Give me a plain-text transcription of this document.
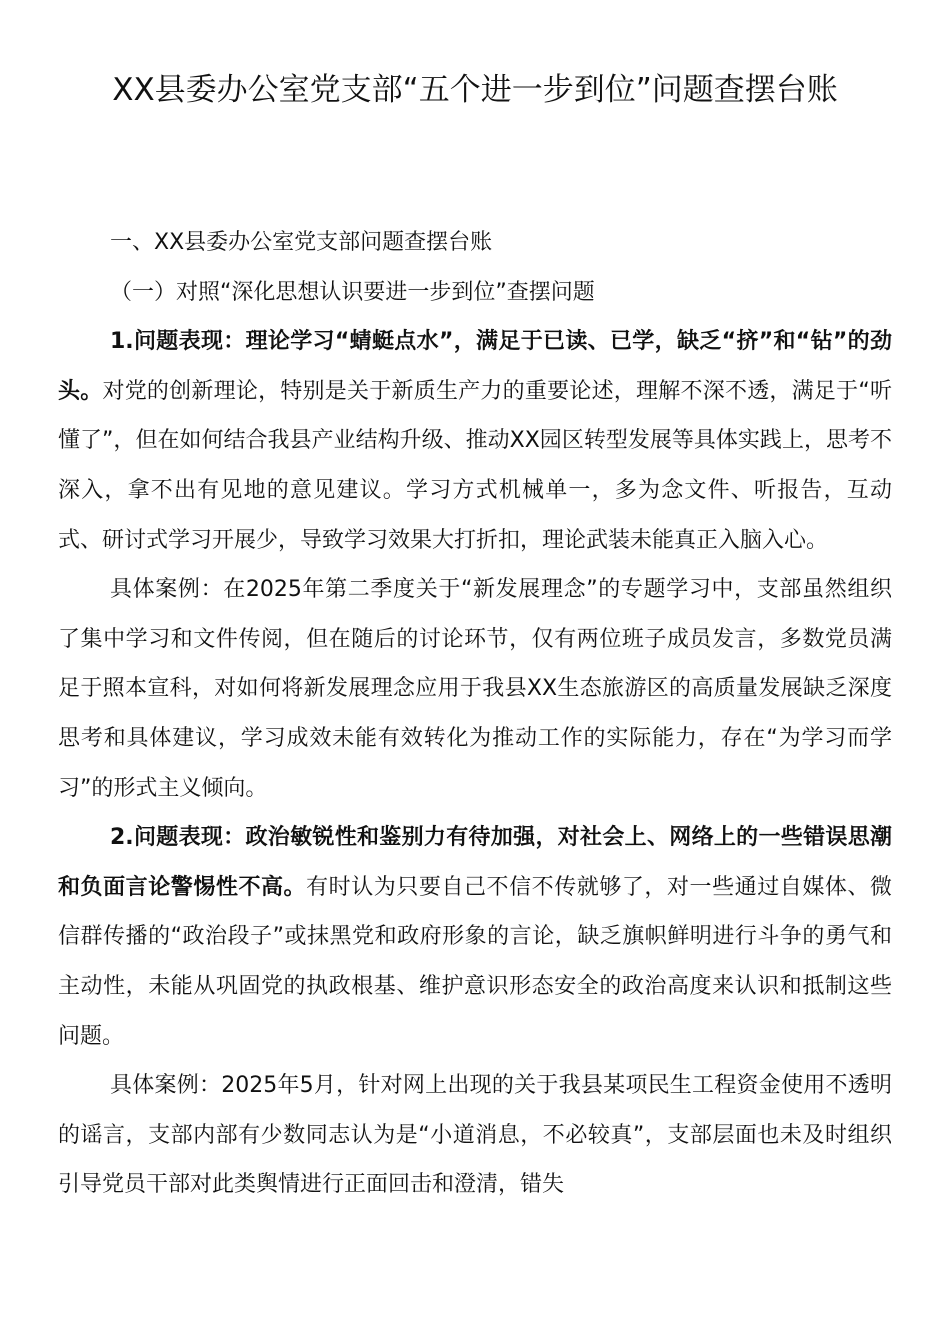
XX县委办公室党支部“五个进一步到位”问题查摆台账

一、XX县委办公室党支部问题查摆台账

（一）对照“深化思想认识要进一步到位”查摆问题

1.问题表现：理论学习“蜻蜓点水”，满足于已读、已学，缺乏“挤”和“钻”的劲头。对党的创新理论，特别是关于新质生产力的重要论述，理解不深不透，满足于“听懂了”，但在如何结合我县产业结构升级、推动XX园区转型发展等具体实践上，思考不深入，拿不出有见地的意见建议。学习方式机械单一，多为念文件、听报告，互动式、研讨式学习开展少，导致学习效果大打折扣，理论武装未能真正入脑入心。

具体案例：在2025年第二季度关于“新发展理念”的专题学习中，支部虽然组织了集中学习和文件传阅，但在随后的讨论环节，仅有两位班子成员发言，多数党员满足于照本宣科，对如何将新发展理念应用于我县XX生态旅游区的高质量发展缺乏深度思考和具体建议，学习成效未能有效转化为推动工作的实际能力，存在“为学习而学习”的形式主义倾向。

2.问题表现：政治敏锐性和鉴别力有待加强，对社会上、网络上的一些错误思潮和负面言论警惕性不高。有时认为只要自己不信不传就够了，对一些通过自媒体、微信群传播的“政治段子”或抹黑党和政府形象的言论，缺乏旗帜鲜明进行斗争的勇气和主动性，未能从巩固党的执政根基、维护意识形态安全的政治高度来认识和抵制这些问题。

具体案例：2025年5月，针对网上出现的关于我县某项民生工程资金使用不透明的谣言，支部内部有少数同志认为是“小道消息，不必较真”，支部层面也未及时组织引导党员干部对此类舆情进行正面回击和澄清，错失
